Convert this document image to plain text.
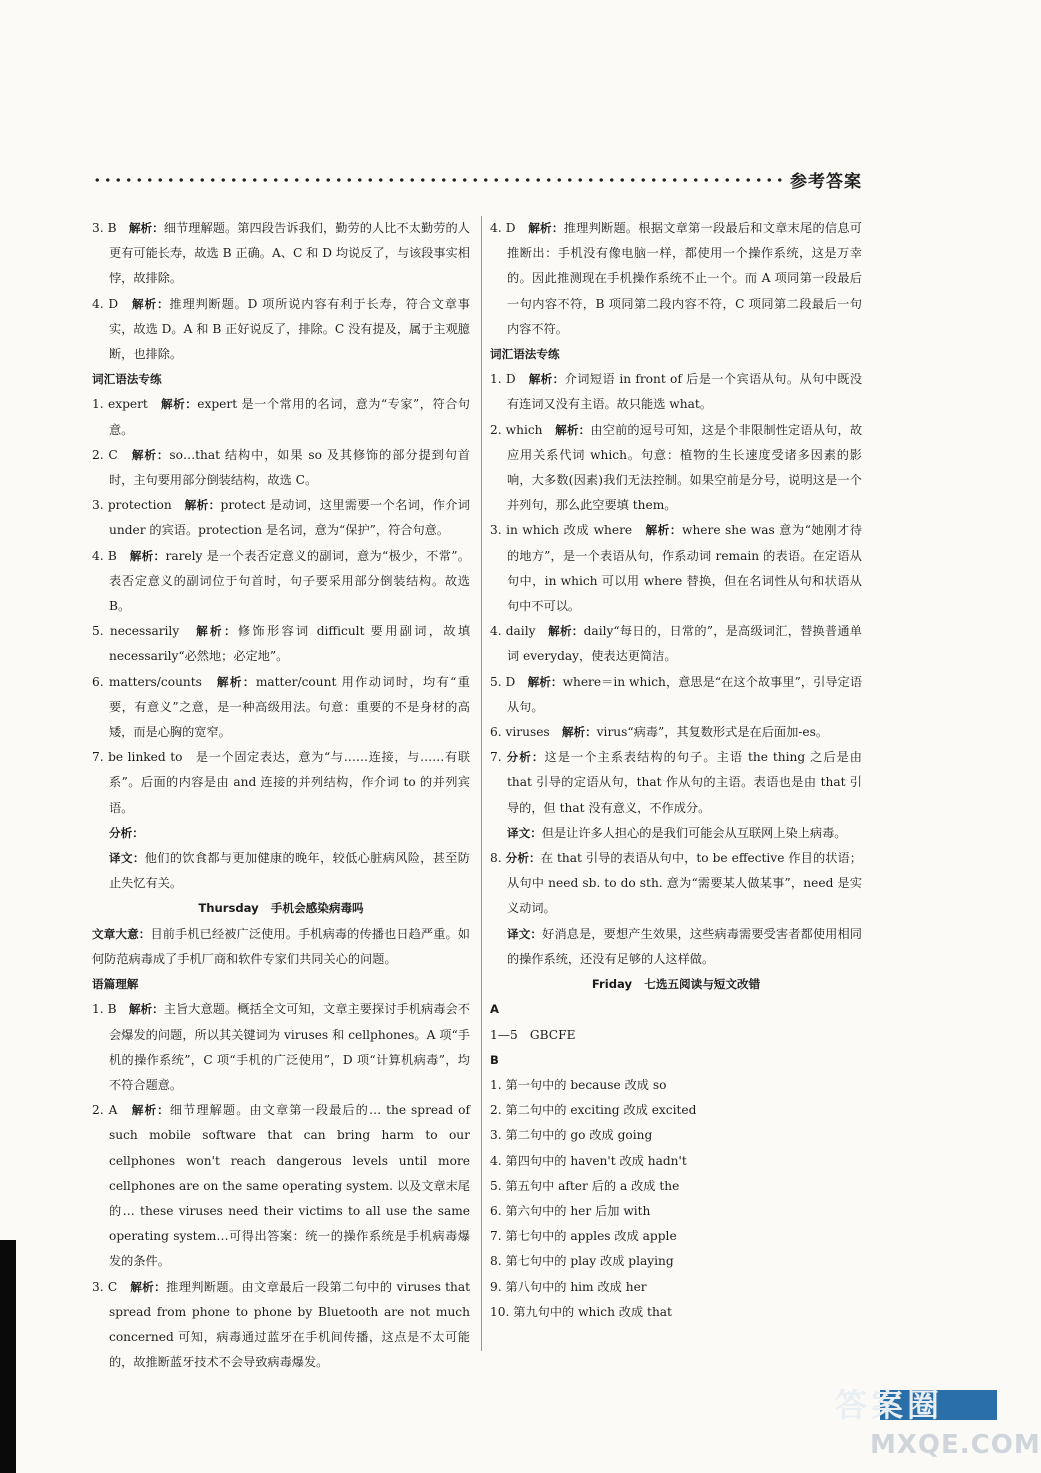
参考答案

3. B　 解析：细节理解题。第四段告诉我们，勤劳的人比不太勤劳的人更有可能长寿，故选 B 正确。A、C 和 D 均说反了，与该段事实相悖，故排除。

4. D　 解析：推理判断题。D 项所说内容有利于长寿，符合文章事实，故选 D。A 和 B 正好说反了，排除。C 没有提及，属于主观臆断，也排除。

词汇语法专练

1. expert　 解析：expert 是一个常用的名词，意为“专家”，符合句意。

2. C　 解析：so…that 结构中，如果 so 及其修饰的部分提到句首时，主句要用部分倒装结构，故选 C。

3. protection　 解析：protect 是动词，这里需要一个名词，作介词 under 的宾语。protection 是名词，意为“保护”，符合句意。

4. B　 解析：rarely 是一个表否定意义的副词，意为“极少，不常”。表否定意义的副词位于句首时，句子要采用部分倒装结构。故选 B。

5. necessarily　 解析：修饰形容词 difficult 要用副词，故填 necessarily“必然地；必定地”。

6. matters/counts　 解析：matter/count 用作动词时，均有“重要，有意义”之意，是一种高级用法。句意：重要的不是身材的高矮，而是心胸的宽窄。

7. be linked to　 是一个固定表达，意为“与……连接，与……有联系”。后面的内容是由 and 连接的并列结构，作介词 to 的并列宾语。
分析：

译文：他们的饮食都与更加健康的晚年，较低心脏病风险，甚至防止失忆有关。

Thursday　 手机会感染病毒吗

文章大意：目前手机已经被广泛使用。手机病毒的传播也日趋严重。如何防范病毒成了手机厂商和软件专家们共同关心的问题。

语篇理解

1. B　 解析：主旨大意题。概括全文可知，文章主要探讨手机病毒会不会爆发的问题，所以其关键词为 viruses 和 cellphones。A 项“手机的操作系统”，C 项“手机的广泛使用”，D 项“计算机病毒”，均不符合题意。

2. A　 解析：细节理解题。由文章第一段最后的… the spread of such mobile software that can bring harm to our cellphones won't reach dangerous levels until more cellphones are on the same operating system. 以及文章末尾的… these viruses need their victims to all use the same operating system…可得出答案：统一的操作系统是手机病毒爆发的条件。

3. C　 解析：推理判断题。由文章最后一段第二句中的 viruses that spread from phone to phone by Bluetooth are not much concerned 可知，病毒通过蓝牙在手机间传播，这点是不太可能的，故推断蓝牙技术不会导致病毒爆发。

4. D　 解析：推理判断题。根据文章第一段最后和文章末尾的信息可推断出：手机没有像电脑一样，都使用一个操作系统，这是万幸的。因此推测现在手机操作系统不止一个。而 A 项同第一段最后一句内容不符，B 项同第二段内容不符，C 项同第二段最后一句内容不符。

词汇语法专练

1. D　 解析：介词短语 in front of 后是一个宾语从句。从句中既没有连词又没有主语。故只能选 what。

2. which　 解析：由空前的逗号可知，这是个非限制性定语从句，故应用关系代词 which。句意：植物的生长速度受诸多因素的影响，大多数(因素)我们无法控制。如果空前是分号，说明这是一个并列句，那么此空要填 them。

3. in which 改成 where　 解析：where she was 意为“她刚才待的地方”，是一个表语从句，作系动词 remain 的表语。在定语从句中，in which 可以用 where 替换，但在名词性从句和状语从句中不可以。

4. daily　 解析：daily“每日的，日常的”，是高级词汇，替换普通单词 everyday，使表达更简洁。

5. D　 解析：where＝in which，意思是“在这个故事里”，引导定语从句。

6. viruses　 解析：virus“病毒”，其复数形式是在后面加-es。

7. 分析：这是一个主系表结构的句子。主语 the thing 之后是由 that 引导的定语从句，that 作从句的主语。表语也是由 that 引导的，但 that 没有意义，不作成分。

译文：但是让许多人担心的是我们可能会从互联网上染上病毒。

8. 分析：在 that 引导的表语从句中，to be effective 作目的状语；从句中 need sb. to do sth. 意为“需要某人做某事”，need 是实义动词。

译文：好消息是，要想产生效果，这些病毒需要受害者都使用相同的操作系统，还没有足够的人这样做。

Friday　 七选五阅读与短文改错

A

1—5　GBCFE

B

1. 第一句中的 because 改成 so

2. 第二句中的 exciting 改成 excited

3. 第二句中的 go 改成 going

4. 第四句中的 haven't 改成 hadn't

5. 第五句中 after 后的 a 改成 the

6. 第六句中的 her 后加 with

7. 第七句中的 apples 改成 apple

8. 第七句中的 play 改成 playing

9. 第八句中的 him 改成 her

10. 第九句中的 which 改成 that

答案圈
MXQE.COM
